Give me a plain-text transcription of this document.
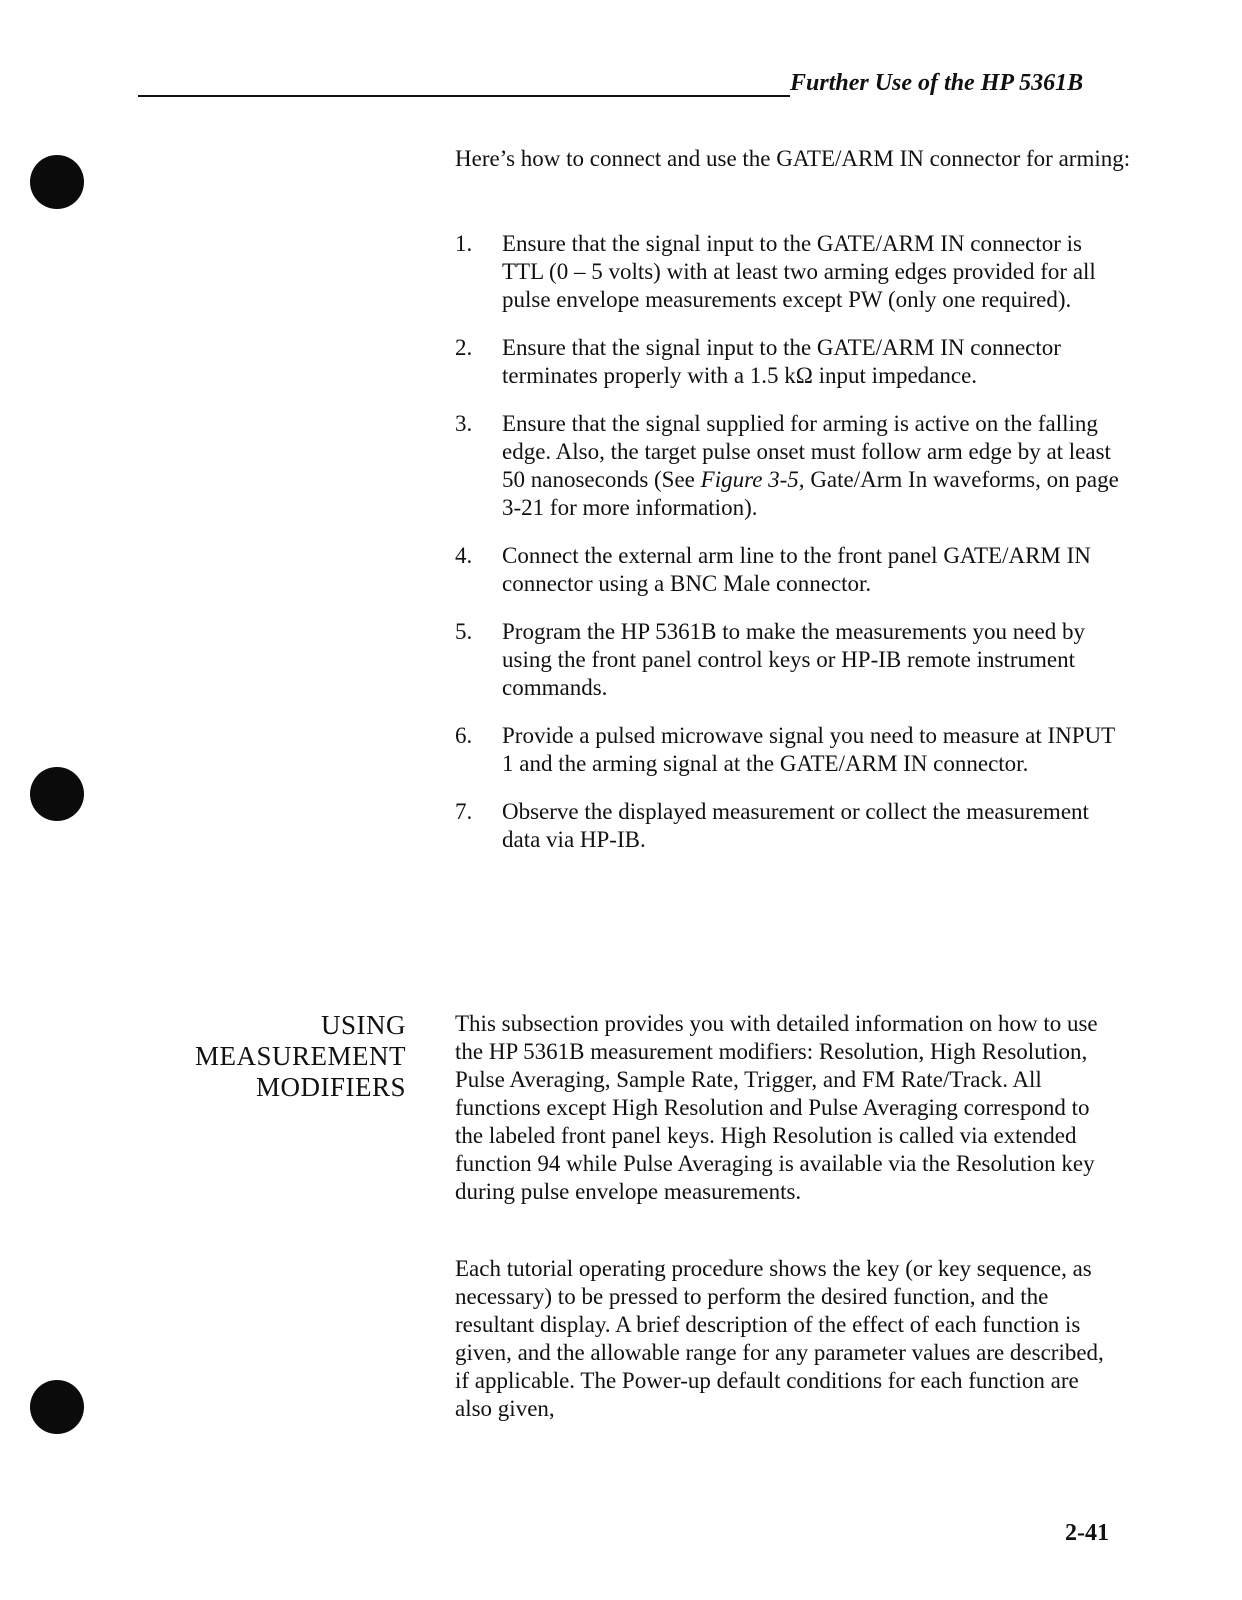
Further Use of the HP 5361B

Here’s how to connect and use the GATE/ARM IN connector for arming:

1. Ensure that the signal input to the GATE/ARM IN connector is TTL (0 – 5 volts) with at least two arming edges provided for all pulse envelope measurements except PW (only one required).
2. Ensure that the signal input to the GATE/ARM IN connector terminates properly with a 1.5 kΩ input impedance.
3. Ensure that the signal supplied for arming is active on the falling edge. Also, the target pulse onset must follow arm edge by at least 50 nanoseconds (See Figure 3-5, Gate/Arm In waveforms, on page 3-21 for more information).
4. Connect the external arm line to the front panel GATE/ARM IN connector using a BNC Male connector.
5. Program the HP 5361B to make the measurements you need by using the front panel control keys or HP-IB remote instrument commands.
6. Provide a pulsed microwave signal you need to measure at INPUT 1 and the arming signal at the GATE/ARM IN connector.
7. Observe the displayed measurement or collect the measurement data via HP-IB.
USING
MEASUREMENT
MODIFIERS

This subsection provides you with detailed information on how to use the HP 5361B measurement modifiers: Resolution, High Resolution, Pulse Averaging, Sample Rate, Trigger, and FM Rate/Track. All functions except High Resolution and Pulse Averaging correspond to the labeled front panel keys. High Resolution is called via extended function 94 while Pulse Averaging is available via the Resolution key during pulse envelope measurements.

Each tutorial operating procedure shows the key (or key sequence, as necessary) to be pressed to perform the desired function, and the resultant display. A brief description of the effect of each function is given, and the allowable range for any parameter values are described, if applicable. The Power-up default conditions for each function are also given,

2-41
